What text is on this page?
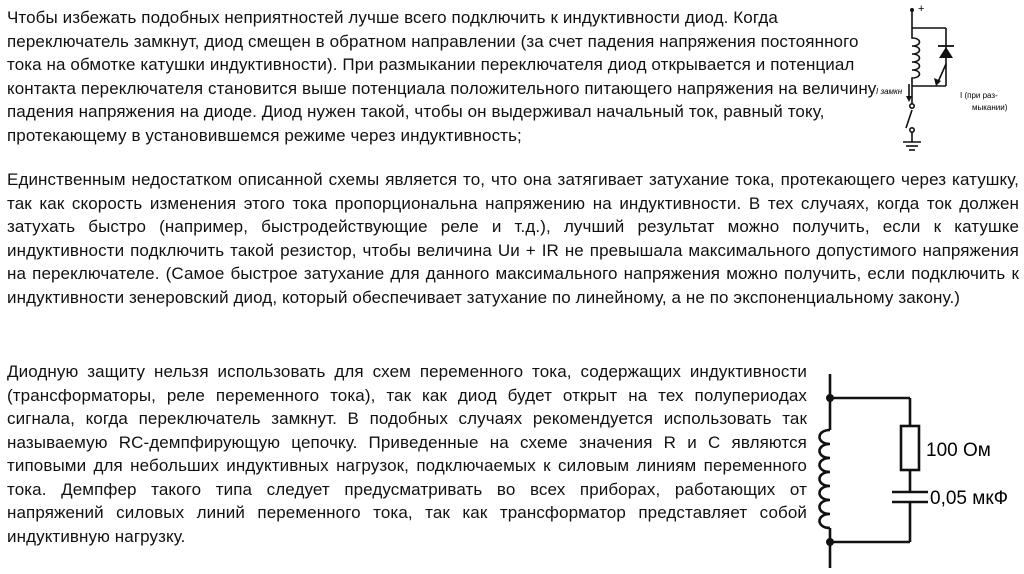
Чтобы избежать подобных неприятностей лучше всего подключить к индуктивности диод. Когда переключатель замкнут, диод смещен в обратном направлении (за счет падения напряжения постоянного тока на обмотке катушки индуктивности). При размыкании переключателя диод открывается и потенциал контакта переключателя становится выше потенциала положительного питающего напряжения на величину падения напряжения на диоде. Диод нужен такой, чтобы он выдерживал начальный ток, равный току, протекающему в установившемся режиме через индуктивность;

Единственным недостатком описанной схемы является то, что она затягивает затухание тока, протекающего через катушку, так как скорость изменения этого тока пропорциональна напряжению на индуктивности. В тех случаях, когда ток должен затухать быстро (например, быстродействующие реле и т.д.), лучший результат можно получить, если к катушке индуктивности подключить такой резистор, чтобы величина Uи + IR не превышала максимального допустимого напряжения на переключателе. (Самое быстрое затухание для данного максимального напряжения можно получить, если подключить к индуктивности зенеровский диод, который обеспечивает затухание по линейному, а не по экспоненциальному закону.)

Диодную защиту нельзя использовать для схем переменного тока, содержащих индуктивности (трансформаторы, реле переменного тока), так как диод будет открыт на тех полупериодах сигнала, когда переключатель замкнут. В подобных случаях рекомендуется использовать так называемую RC-демпфирующую цепочку. Приведенные на схеме значения R и C являются типовыми для небольших индуктивных нагрузок, подключаемых к силовым линиям переменного тока. Демпфер такого типа следует предусматривать во всех приборах, работающих от напряжений силовых линий переменного тока, так как трансформатор представляет собой индуктивную нагрузку.

+
I замкн	I (при раз-
мыкании)
100 Ом
0,05 мкФ
